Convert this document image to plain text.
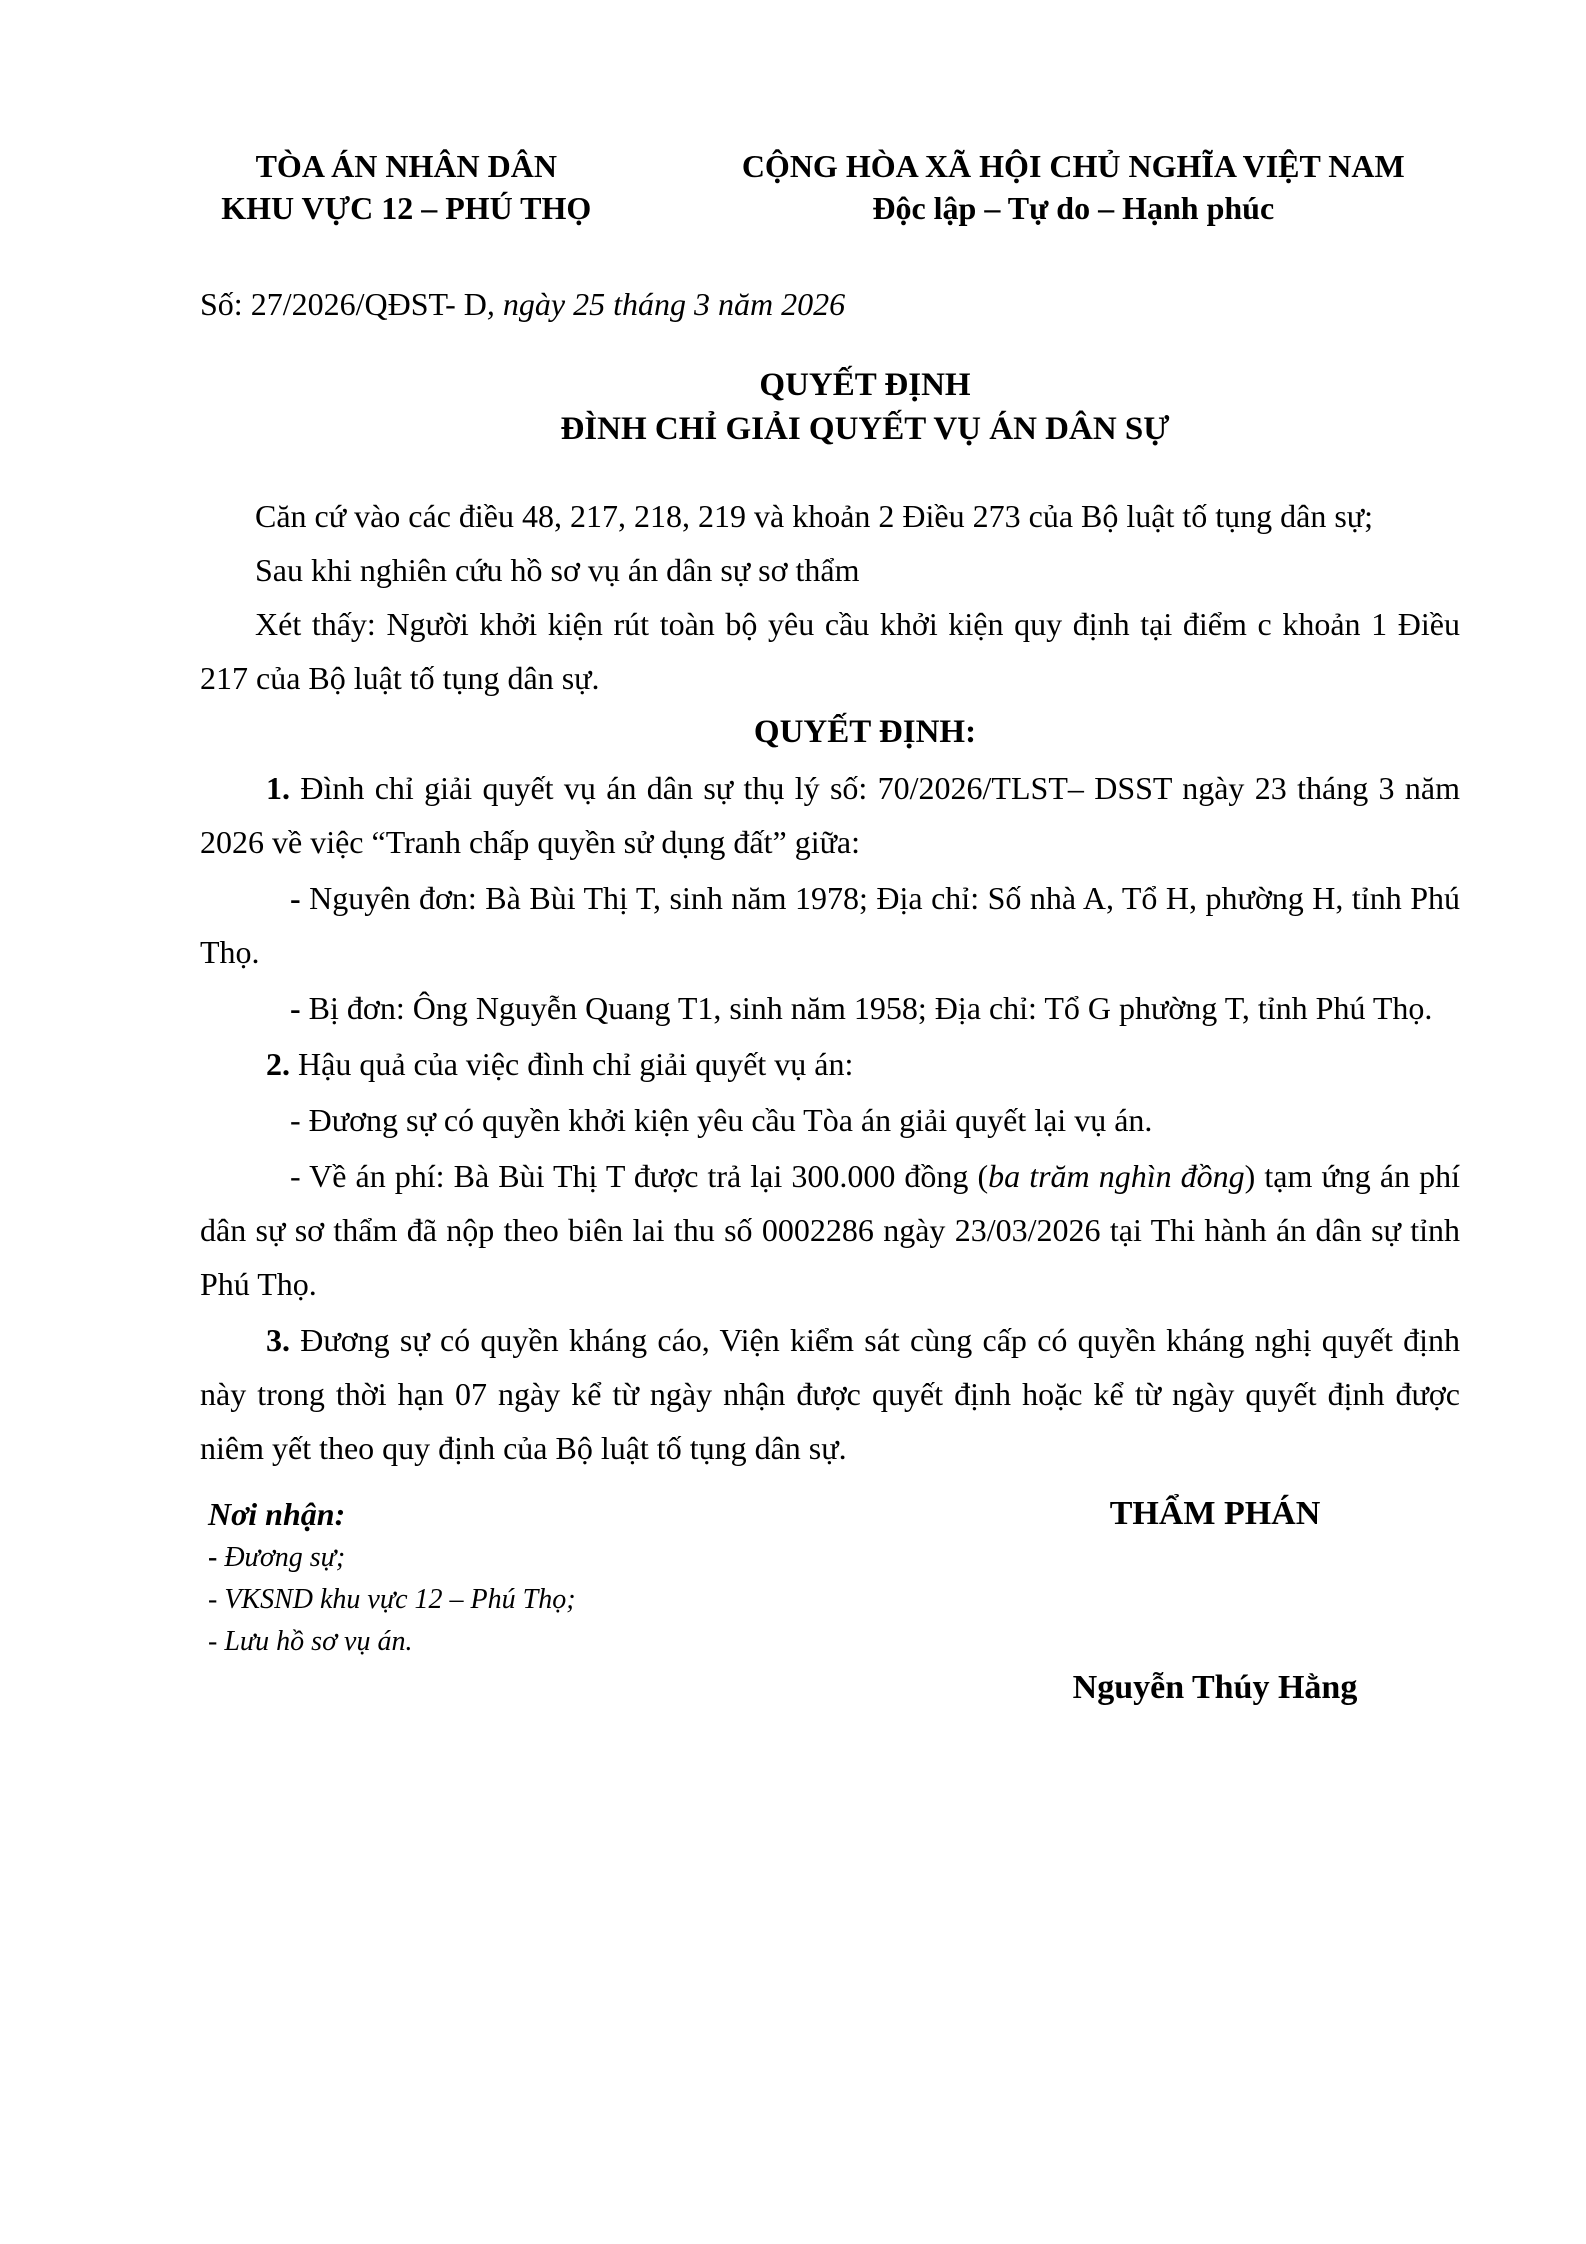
TÒA ÁN NHÂN DÂN
KHU VỰC 12 – PHÚ THỌ
CỘNG HÒA XÃ HỘI CHỦ NGHĨA VIỆT NAM
Độc lập – Tự do – Hạnh phúc

Số: 27/2026/QĐST- D, ngày 25 tháng 3 năm 2026

QUYẾT ĐỊNH
ĐÌNH CHỈ GIẢI QUYẾT VỤ ÁN DÂN SỰ

Căn cứ vào các điều 48, 217, 218, 219 và khoản 2 Điều 273 của Bộ luật tố tụng dân sự;

Sau khi nghiên cứu hồ sơ vụ án dân sự sơ thẩm

Xét thấy: Người khởi kiện rút toàn bộ yêu cầu khởi kiện quy định tại điểm c khoản 1 Điều 217 của Bộ luật tố tụng dân sự.

QUYẾT ĐỊNH:

1. Đình chỉ giải quyết vụ án dân sự thụ lý số: 70/2026/TLST– DSST ngày 23 tháng 3 năm 2026 về việc “Tranh chấp quyền sử dụng đất” giữa:

- Nguyên đơn: Bà Bùi Thị T, sinh năm 1978; Địa chỉ: Số nhà A, Tổ H, phường H, tỉnh Phú Thọ.

- Bị đơn: Ông Nguyễn Quang T1, sinh năm 1958; Địa chỉ: Tổ G phường T, tỉnh Phú Thọ.

2. Hậu quả của việc đình chỉ giải quyết vụ án:

- Đương sự có quyền khởi kiện yêu cầu Tòa án giải quyết lại vụ án.

- Về án phí: Bà Bùi Thị T được trả lại 300.000 đồng (ba trăm nghìn đồng) tạm ứng án phí dân sự sơ thẩm đã nộp theo biên lai thu số 0002286 ngày 23/03/2026 tại Thi hành án dân sự tỉnh Phú Thọ.

3. Đương sự có quyền kháng cáo, Viện kiểm sát cùng cấp có quyền kháng nghị quyết định này trong thời hạn 07 ngày kể từ ngày nhận được quyết định hoặc kể từ ngày quyết định được niêm yết theo quy định của Bộ luật tố tụng dân sự.

Nơi nhận:
- Đương sự;
- VKSND khu vực 12 – Phú Thọ;
- Lưu hồ sơ vụ án.
THẨM PHÁN
Nguyễn Thúy Hằng
